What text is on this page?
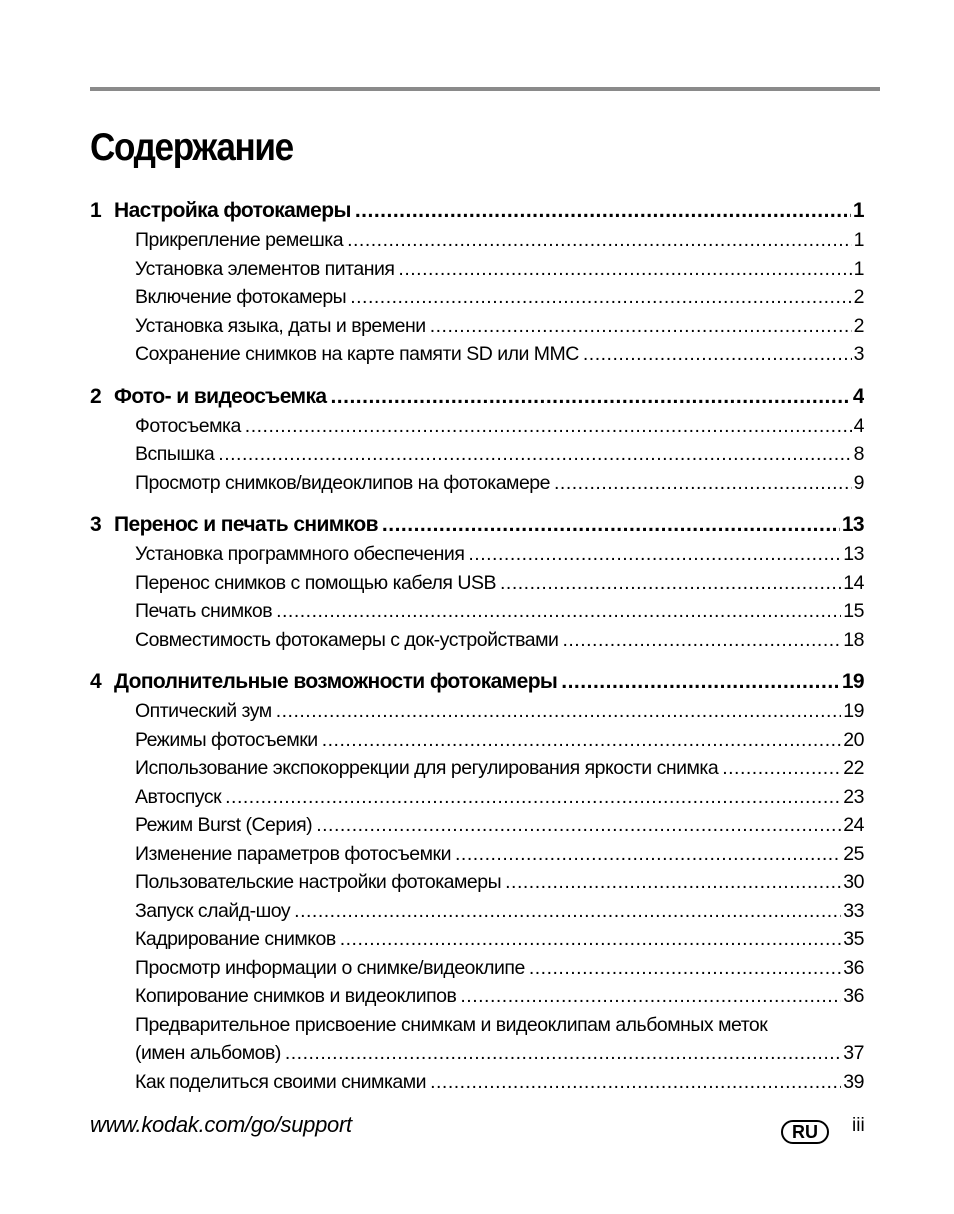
Содержание
1 Настройка фотокамеры .....	1
Прикрепление ремешка .....	1
Установка элементов питания .....	1
Включение фотокамеры .....	2
Установка языка, даты и времени .....	2
Сохранение снимков на карте памяти SD или MMC .....	3
2 Фото- и видеосъемка .....	4
Фотосъемка .....	4
Вспышка .....	8
Просмотр снимков/видеоклипов на фотокамере .....	9
3 Перенос и печать снимков .....	13
Установка программного обеспечения .....	13
Перенос снимков с помощью кабеля USB .....	14
Печать снимков .....	15
Совместимость фотокамеры с док-устройствами .....	18
4 Дополнительные возможности фотокамеры .....	19
Оптический зум .....	19
Режимы фотосъемки .....	20
Использование экспокоррекции для регулирования яркости снимка .....	22
Автоспуск .....	23
Режим Burst (Серия) .....	24
Изменение параметров фотосъемки .....	25
Пользовательские настройки фотокамеры .....	30
Запуск слайд-шоу .....	33
Кадрирование снимков .....	35
Просмотр информации о снимке/видеоклипе .....	36
Копирование снимков и видеоклипов .....	36
Предварительное присвоение снимкам и видеоклипам альбомных меток
(имен альбомов) .....	37
Как поделиться своими снимками .....	39
www.kodak.com/go/support	RU	iii
